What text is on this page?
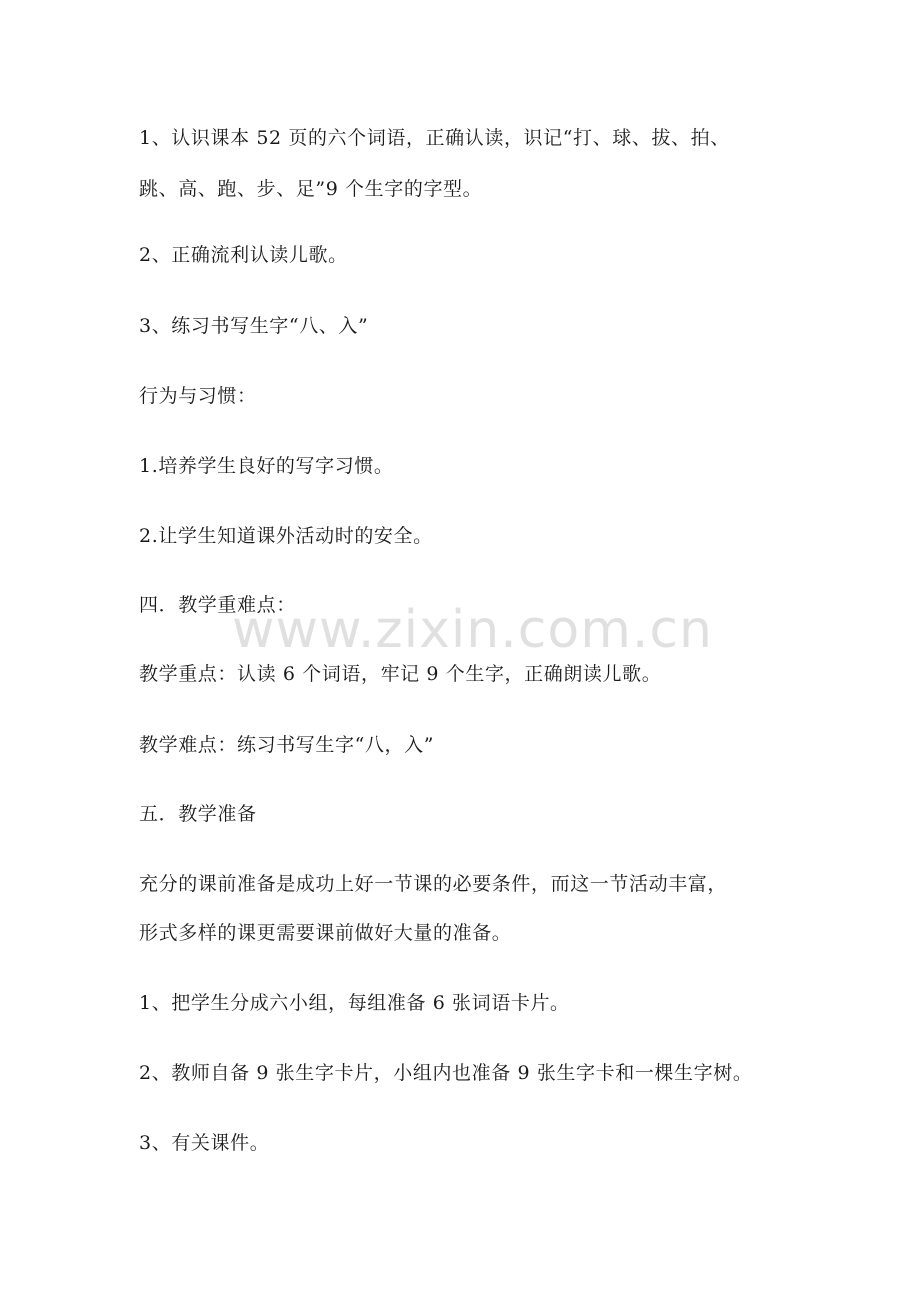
1、认识课本 52 页的六个词语，正确认读，识记“打、球、拔、拍、
跳、高、跑、步、足”9 个生字的字型。
2、正确流利认读儿歌。
3、练习书写生字“八、入”
行为与习惯：
1.培养学生良好的写字习惯。
2.让学生知道课外活动时的安全。
四．教学重难点：
www.zixin.com.cn
教学重点：认读 6 个词语，牢记 9 个生字，正确朗读儿歌。
教学难点：练习书写生字“八，入”
五．教学准备
充分的课前准备是成功上好一节课的必要条件，而这一节活动丰富，
形式多样的课更需要课前做好大量的准备。
1、把学生分成六小组，每组准备 6 张词语卡片。
2、教师自备 9 张生字卡片，小组内也准备 9 张生字卡和一棵生字树。
3、有关课件。
